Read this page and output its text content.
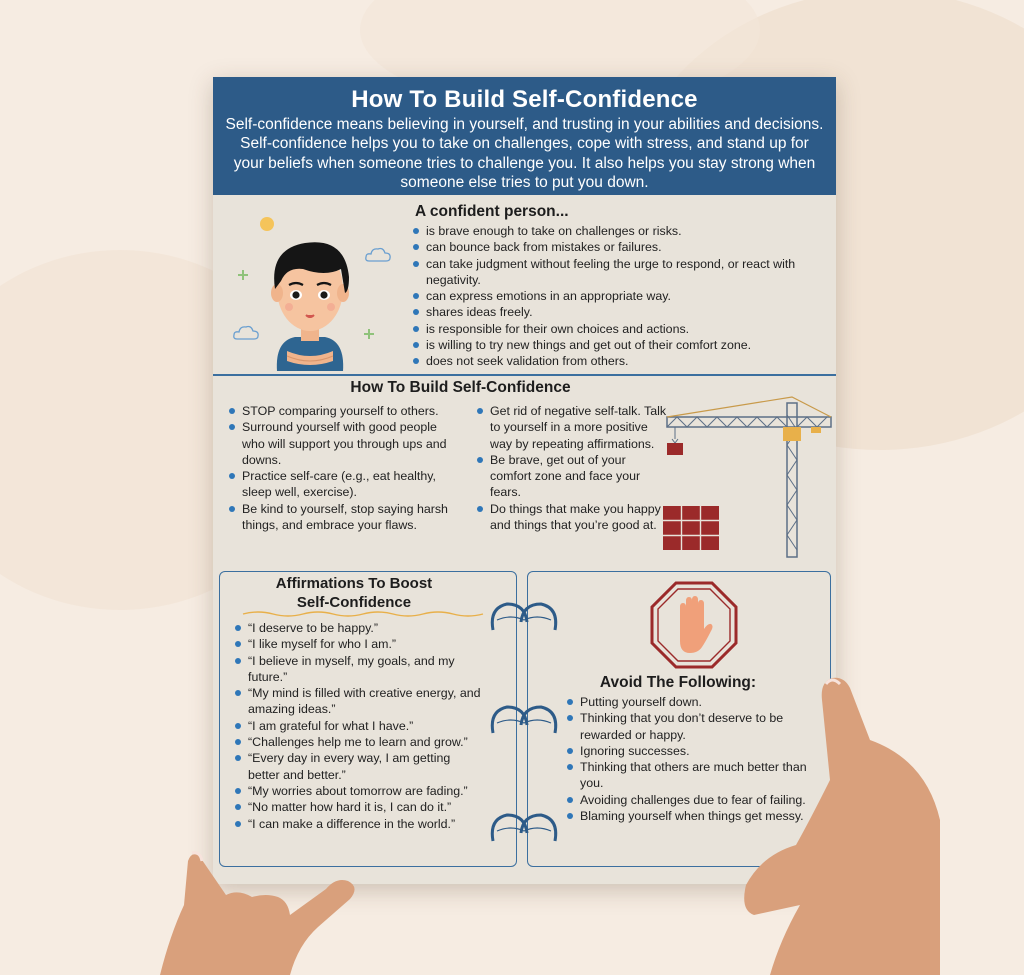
How To Build Self-Confidence

Self-confidence means believing in yourself, and trusting in your abilities and decisions. Self-confidence helps you to take on challenges, cope with stress, and stand up for your beliefs when someone tries to challenge you. It also helps you stay strong when someone else tries to put you down.

A confident person...
is brave enough to take on challenges or risks.
can bounce back from mistakes or failures.
can take judgment without feeling the urge to respond, or react with negativity.
can express emotions in an appropriate way.
shares ideas freely.
is responsible for their own choices and actions.
is willing to try new things and get out of their comfort zone.
does not seek validation from others.
How To Build Self-Confidence
STOP comparing yourself to others.
Surround yourself with good people who will support you through ups and downs.
Practice self-care (e.g., eat healthy, sleep well, exercise).
Be kind to yourself, stop saying harsh things, and embrace your flaws.
Get rid of negative self-talk. Talk to yourself in a more positive way by repeating affirmations.
Be brave, get out of your comfort zone and face your fears.
Do things that make you happy and things that you’re good at.
Affirmations To Boost
Self-Confidence
“I deserve to be happy.”
“I like myself for who I am.”
“I believe in myself, my goals, and my future.”
“My mind is filled with creative energy, and amazing ideas.”
“I am grateful for what I have.”
“Challenges help me to learn and grow.”
“Every day in every way, I am getting better and better.”
“My worries about tomorrow are fading.”
“No matter how hard it is, I can do it.”
“I can make a difference in the world.”
Avoid The Following:
Putting yourself down.
Thinking that you don’t deserve to be rewarded or happy.
Ignoring successes.
Thinking that others are much better than you.
Avoiding challenges due to fear of failing.
Blaming yourself when things get messy.
